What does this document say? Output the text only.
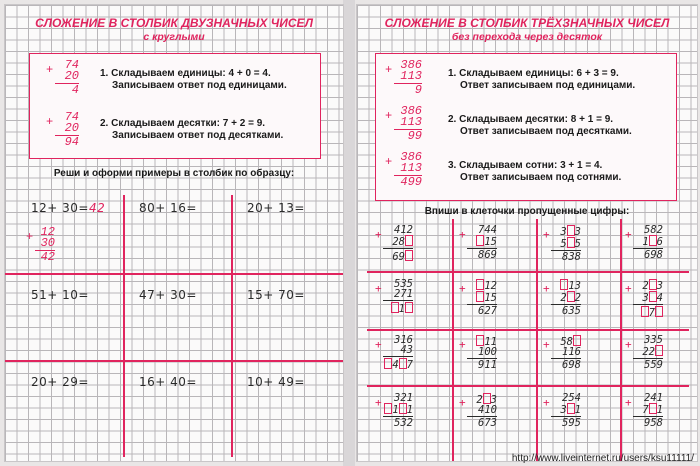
СЛОЖЕНИЕ В СТОЛБИК ДВУЗНАЧНЫХ ЧИСЕЛ
с круглыми
+ 74
20
4
+ 74
20
94
1. Складываем единицы: 4 + 0 = 4.
Записываем ответ под единицами.
2. Складываем десятки: 7 + 2 = 9.
Записываем ответ под десятками.
Реши и оформи примеры в столбик по образцу:
12+ 30=42	80+ 16=	20+ 13=
+ 12
30
42
51+ 10=	47+ 30=	15+ 70=
20+ 29=	16+ 40=	10+ 49=
СЛОЖЕНИЕ В СТОЛБИК ТРЁХЗНАЧНЫХ ЧИСЕЛ
без перехода через десяток
+ 386
113
9
+ 386
113
99
+ 386
113
499
1. Складываем единицы: 6 + 3 = 9.
Ответ записываем под единицами.
2. Складываем десятки: 8 + 1 = 9.
Ответ записываем под десятками.
3. Складываем сотни: 3 + 1 = 4.
Ответ записываем под сотнями.
Впиши в клеточки пропущенные цифры:
+	412
28
69
+	744
15
869
+	3 3
5 5
838
+	582
1 6
698
+	535
271
1
+	12
15
627
+	13
2 2
635
+	2 3
3 4
7
+	316
43
4 7
+	11
100
911
+	58
116
698
+	335
22
559
+	321
1 1
532
+	2 3
410
673
+	254
3 1
595
+	241
7 1
958
http://www.liveinternet.ru/users/ksu11111/
